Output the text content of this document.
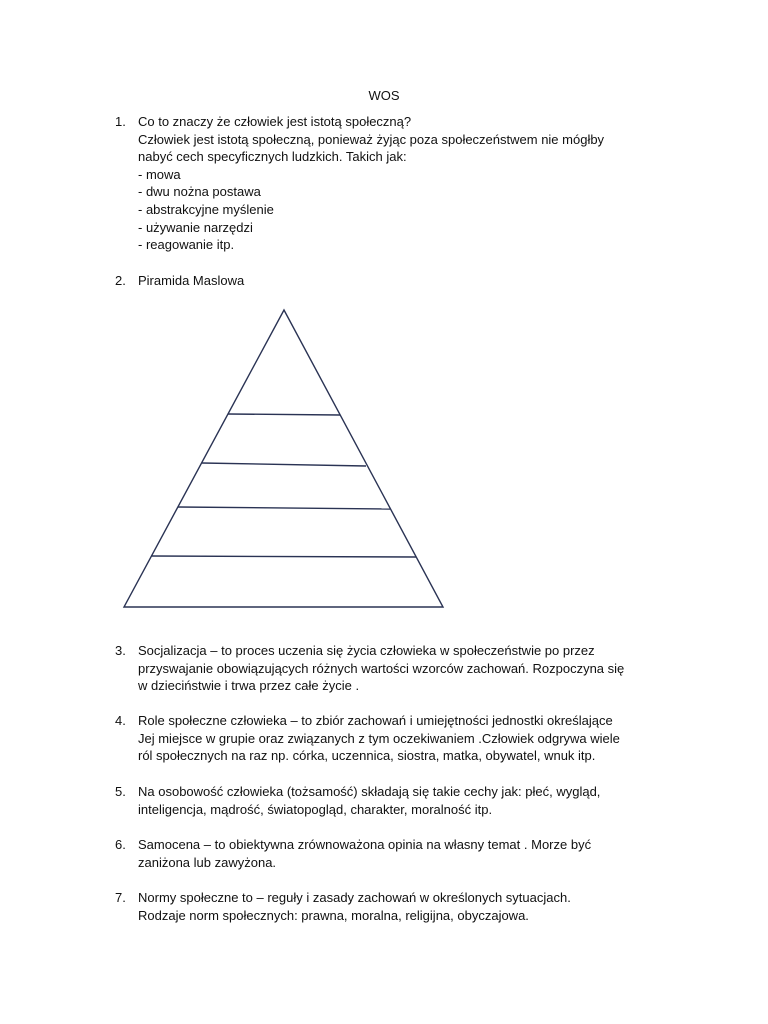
WOS
1. Co to znaczy że człowiek jest istotą społeczną?
Człowiek jest istotą społeczną, ponieważ żyjąc poza społeczeństwem nie mógłby
nabyć cech specyficznych ludzkich. Takich jak:
- mowa
- dwu nożna postawa
- abstrakcyjne myślenie
- używanie narzędzi
- reagowanie itp.
2. Piramida Maslowa
3. Socjalizacja – to proces uczenia się życia człowieka w społeczeństwie po przez
przyswajanie obowiązujących różnych wartości wzorców zachowań. Rozpoczyna się
w dzieciństwie i trwa przez całe życie .
4. Role społeczne człowieka – to zbiór zachowań i umiejętności jednostki określające
Jej miejsce w grupie oraz związanych z tym oczekiwaniem .Człowiek odgrywa wiele
ról społecznych na raz np. córka, uczennica, siostra, matka, obywatel, wnuk itp.
5. Na osobowość człowieka (tożsamość) składają się takie cechy jak: płeć, wygląd,
inteligencja, mądrość, światopogląd, charakter, moralność itp.
6. Samocena – to obiektywna zrównoważona opinia na własny temat . Morze być
zaniżona lub zawyżona.
7. Normy społeczne to – reguły i zasady zachowań w określonych sytuacjach.
Rodzaje norm społecznych: prawna, moralna, religijna, obyczajowa.
